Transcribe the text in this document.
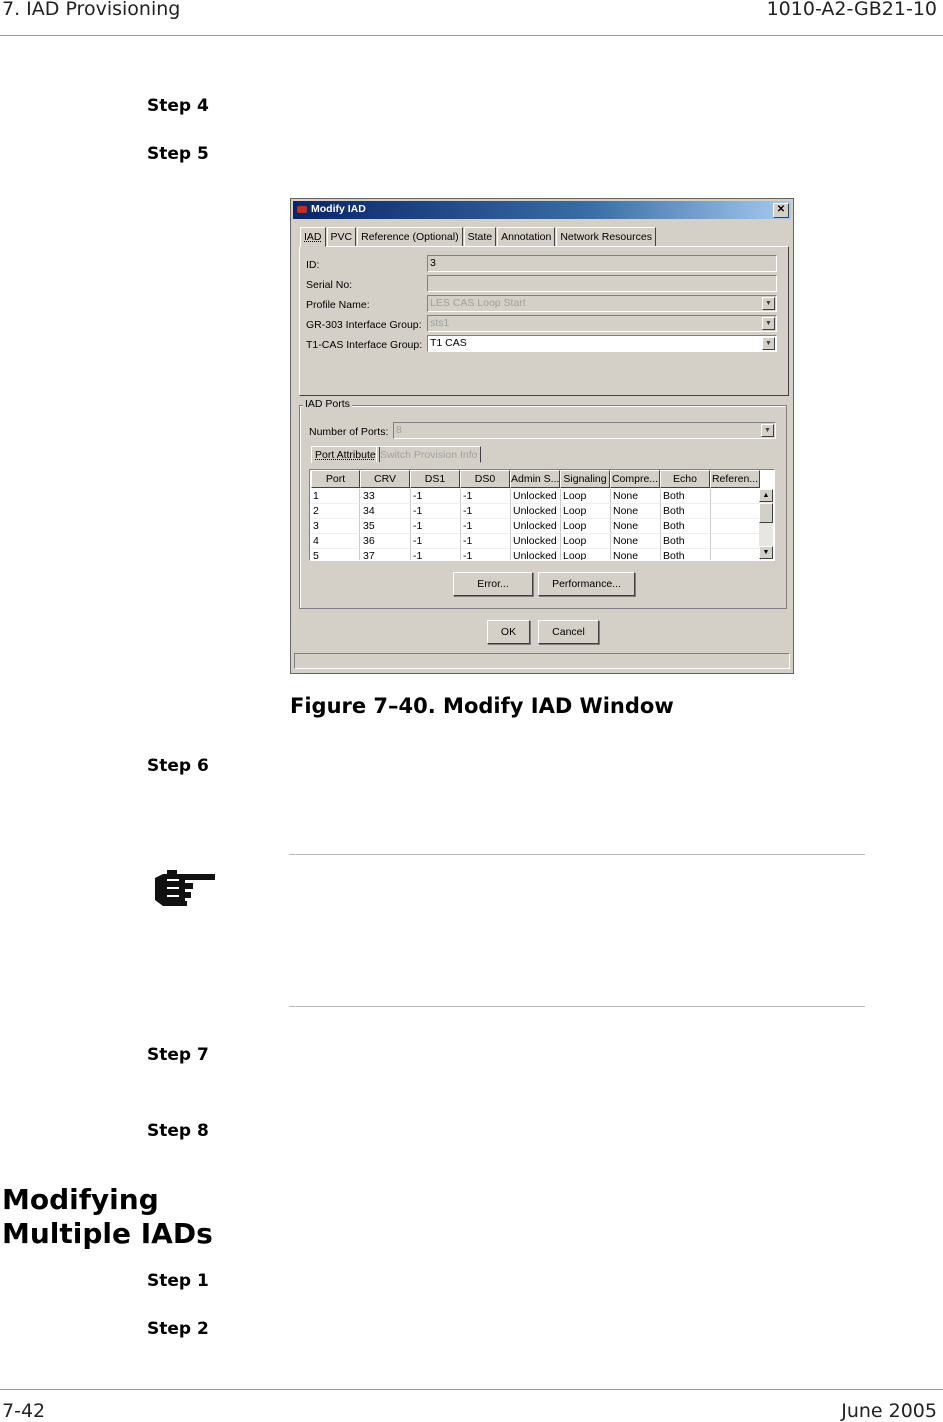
7. IAD Provisioning	1010-A2-GB21-10
Step 4
Step 5
Modify IAD	✕
IAD PVC Reference (Optional) State Annotation Network Resources
ID:	3
Serial No:
Profile Name:	LES CAS Loop Start	▼
GR-303 Interface Group: sts1	▼
T1-CAS Interface Group: T1 CAS	▼
IAD Ports
Number of Ports: 8	▼
Port Attribute Switch Provision Info
Port	CRV	DS1	DS0	Admin S... Signaling Compre...	Echo	Referen...
1	33	-1	-1	Unlocked Loop	None	Both
2	34	-1	-1	Unlocked Loop	None	Both
3	35	-1	-1	Unlocked Loop	None	Both
4	36	-1	-1	Unlocked Loop	None	Both
5	37	-1	-1	Unlocked Loop	None	Both
▲
▼
Error...	Performance...
OK	Cancel
Figure 7–40. Modify IAD Window
Step 6
Step 7
Step 8
Modifying
Multiple IADs
Step 1
Step 2
7-42	June 2005
